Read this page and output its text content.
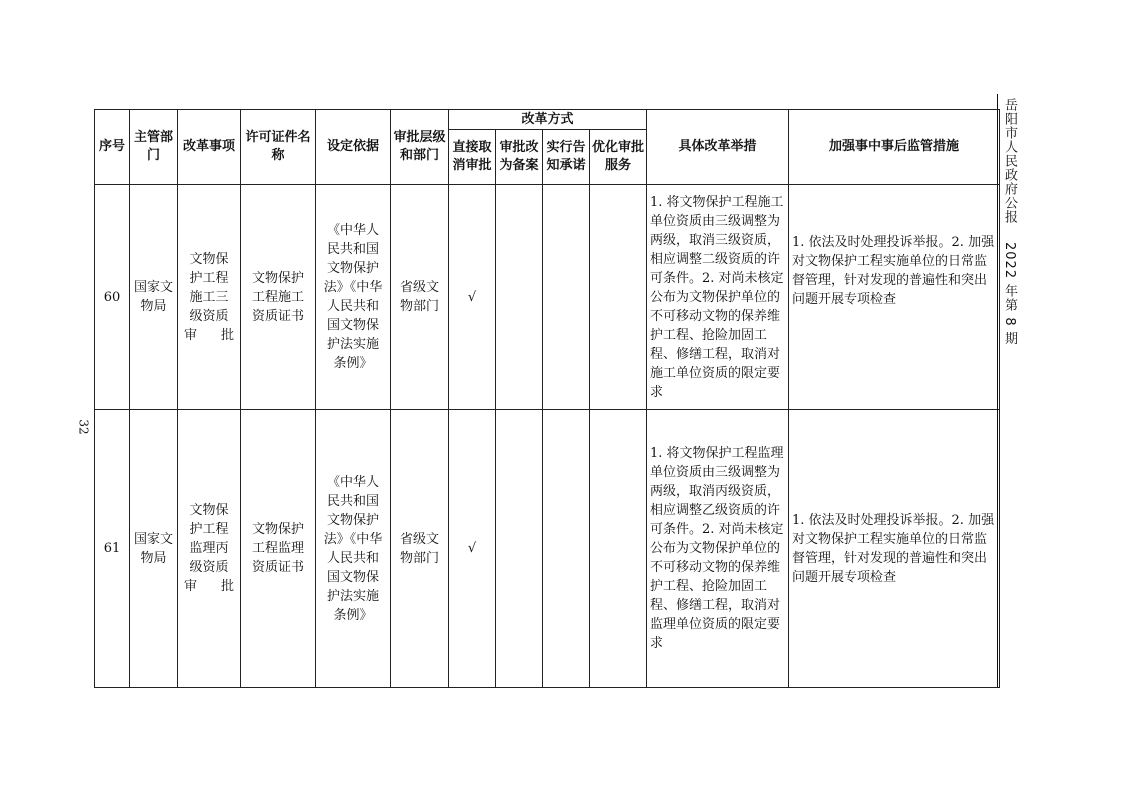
32
岳阳市人民政府公报2022 年第 8 期
序号	主管部门	改革事项	许可证件名称	设定依据	审批层级和部门	改革方式				具体改革举措	加强事中事后监管措施
						直接取消审批	审批改为备案	实行告知承诺	优化审批服务		
60	国家文物局	文物保护工程施工三级资质审批	文物保护工程施工资质证书	《中华人民共和国文物保护法》《中华人民共和国文物保护法实施条例》	省级文物部门	√				1. 将文物保护工程施工单位资质由三级调整为两级，取消三级资质，相应调整二级资质的许可条件。2. 对尚未核定公布为文物保护单位的不可移动文物的保养维护工程、抢险加固工程、修缮工程，取消对施工单位资质的限定要求	1. 依法及时处理投诉举报。2. 加强对文物保护工程实施单位的日常监督管理，针对发现的普遍性和突出问题开展专项检查
61	国家文物局	文物保护工程监理丙级资质审批	文物保护工程监理资质证书	《中华人民共和国文物保护法》《中华人民共和国文物保护法实施条例》	省级文物部门	√				1. 将文物保护工程监理单位资质由三级调整为两级，取消丙级资质，相应调整乙级资质的许可条件。2. 对尚未核定公布为文物保护单位的不可移动文物的保养维护工程、抢险加固工程、修缮工程，取消对监理单位资质的限定要求	1. 依法及时处理投诉举报。2. 加强对文物保护工程实施单位的日常监督管理，针对发现的普遍性和突出问题开展专项检查
